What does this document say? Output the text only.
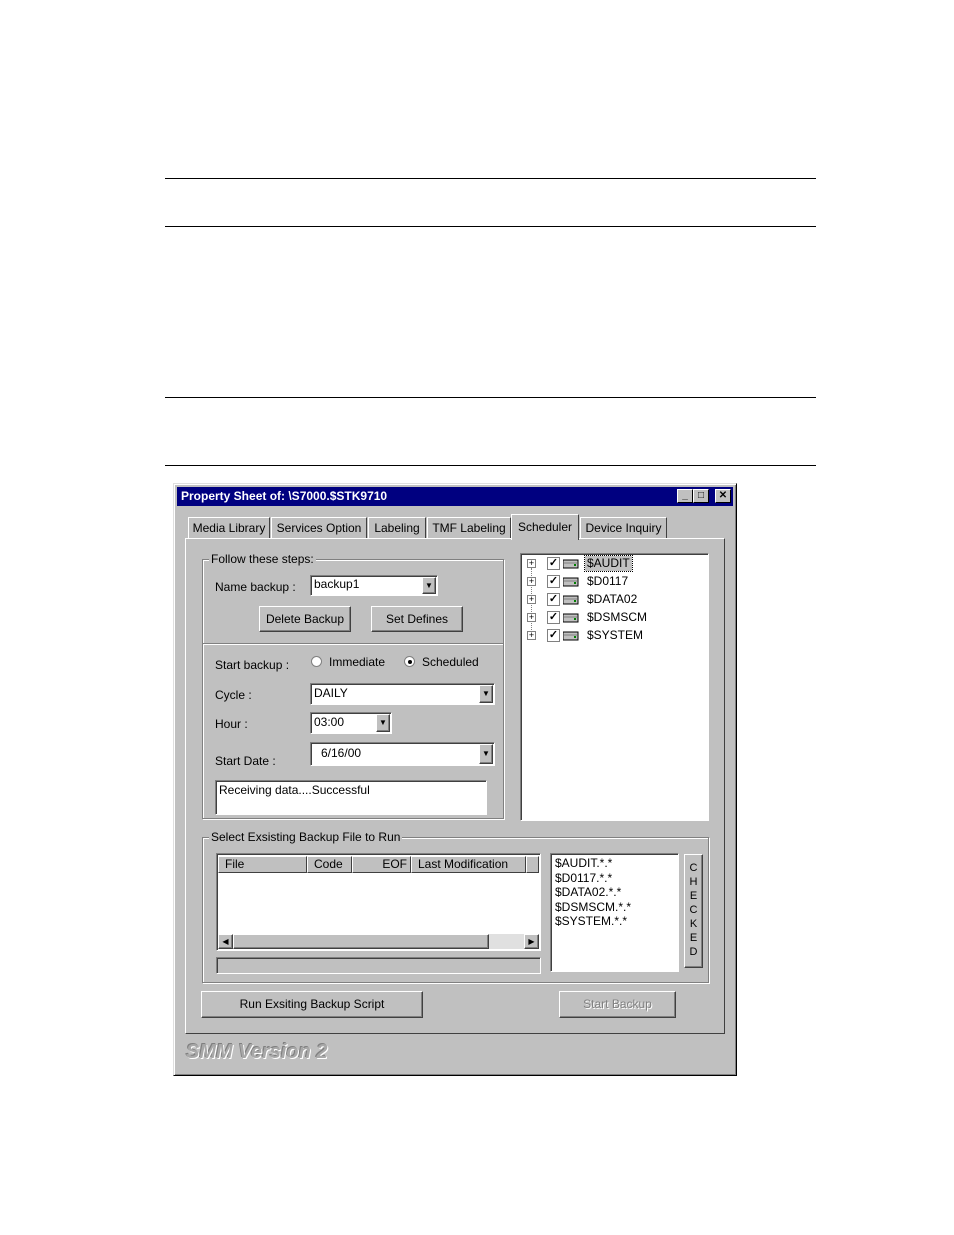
Property Sheet of: \S7000.$STK9710	_	□	✕
Media Library Services Option	Labeling	TMF Labeling	Scheduler	Device Inquiry
Follow these steps:
Name backup :	backup1	▼
Delete Backup	Set Defines
Start backup :	Immediate	Scheduled
Cycle :	DAILY	▼
Hour :	03:00	▼
Start Date :
6/16/00	▼
Receiving data....Successful
+ ✓ $AUDIT
+ ✓ $D0117
+ ✓ $DATA02
+ ✓ $DSMSCM
+ ✓ $SYSTEM
Select Exsisting Backup File to Run
File	Code	EOF Last Modification
◀	▶
$AUDIT.*.*
$D0117.*.*
$DATA02.*.*
$DSMSCM.*.*
$SYSTEM.*.*
C
H
E
C
K
E
D
Run Exsiting Backup Script	Start Backup
SMM Version 2
